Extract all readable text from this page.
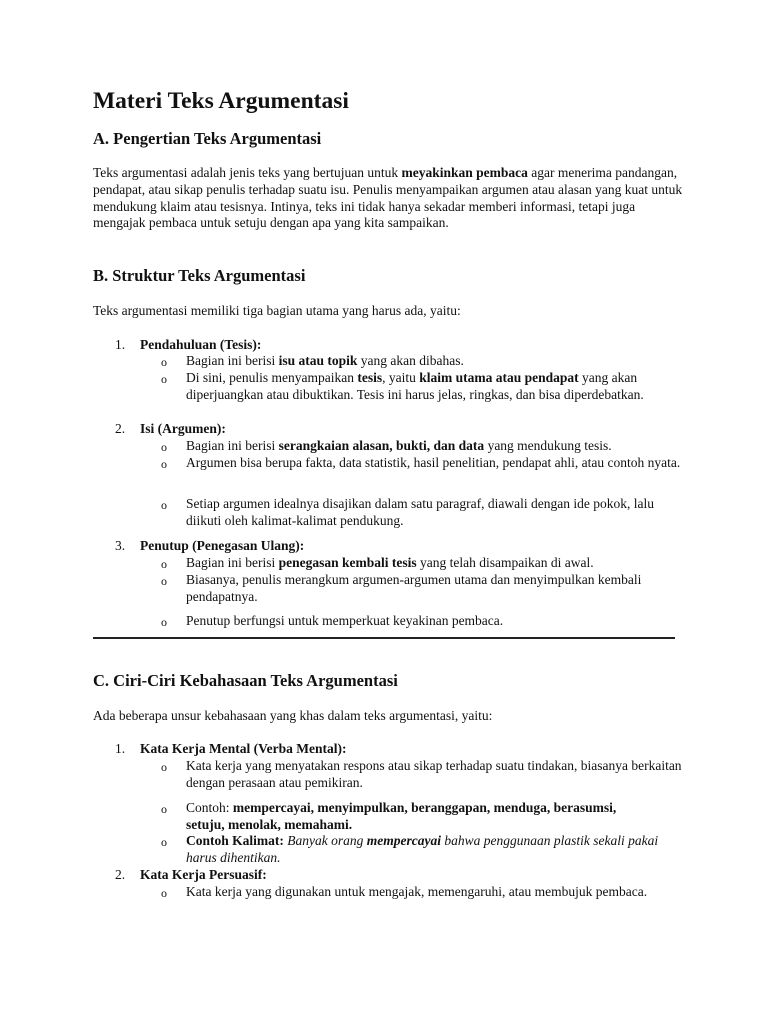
Materi Teks Argumentasi
A. Pengertian Teks Argumentasi

Teks argumentasi adalah jenis teks yang bertujuan untuk meyakinkan pembaca agar menerima pandangan, pendapat, atau sikap penulis terhadap suatu isu. Penulis menyampaikan argumen atau alasan yang kuat untuk mendukung klaim atau tesisnya. Intinya, teks ini tidak hanya sekadar memberi informasi, tetapi juga mengajak pembaca untuk setuju dengan apa yang kita sampaikan.

B. Struktur Teks Argumentasi

Teks argumentasi memiliki tiga bagian utama yang harus ada, yaitu:

1. Pendahuluan (Tesis):
o Bagian ini berisi isu atau topik yang akan dibahas.
o Di sini, penulis menyampaikan tesis, yaitu klaim utama atau pendapat yang akan diperjuangkan atau dibuktikan. Tesis ini harus jelas, ringkas, dan bisa diperdebatkan.
2. Isi (Argumen):
o Bagian ini berisi serangkaian alasan, bukti, dan data yang mendukung tesis.
o Argumen bisa berupa fakta, data statistik, hasil penelitian, pendapat ahli, atau contoh nyata.
o Setiap argumen idealnya disajikan dalam satu paragraf, diawali dengan ide pokok, lalu diikuti oleh kalimat-kalimat pendukung.
3. Penutup (Penegasan Ulang):
o Bagian ini berisi penegasan kembali tesis yang telah disampaikan di awal.
o Biasanya, penulis merangkum argumen-argumen utama dan menyimpulkan kembali pendapatnya.
o Penutup berfungsi untuk memperkuat keyakinan pembaca.
C. Ciri-Ciri Kebahasaan Teks Argumentasi

Ada beberapa unsur kebahasaan yang khas dalam teks argumentasi, yaitu:

1. Kata Kerja Mental (Verba Mental):
o Kata kerja yang menyatakan respons atau sikap terhadap suatu tindakan, biasanya berkaitan dengan perasaan atau pemikiran.
o Contoh: mempercayai, menyimpulkan, beranggapan, menduga, berasumsi, setuju, menolak, memahami.
o Contoh Kalimat: Banyak orang mempercayai bahwa penggunaan plastik sekali pakai harus dihentikan.
2. Kata Kerja Persuasif:
o Kata kerja yang digunakan untuk mengajak, memengaruhi, atau membujuk pembaca.
